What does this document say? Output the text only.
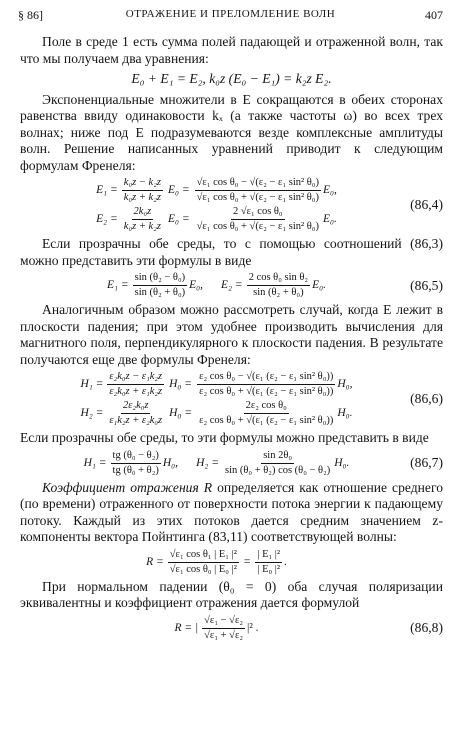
§ 86]	ОТРАЖЕНИЕ И ПРЕЛОМЛЕНИЕ ВОЛН	407

Поле в среде 1 есть сумма полей падающей и отраженной волн, так что мы получаем два уравнения:

E₀ + E₁ = E₂, k₀z (E₀ − E₁) = k₂z E₂.

Экспоненциальные множители в E сокращаются в обеих сторонах равенства ввиду одинаковости kₓ (а также частоты ω) во всех трех волнах; ниже под E подразумеваются везде комплексные амплитуды волн. Решение написанных уравнений приводит к следующим формулам Френеля:

$E_1 = \frac{\text{k₀z − k₂z}}{\text{k₀z + k₂z}} E_0 = \frac{\text{√ε₁ cos θ₀ − √(ε₂ − ε₁ sin² θ₀)}}{\text{√ε₁ cos θ₀ + √(ε₂ − ε₁ sin² θ₀)}} E_0$,
$E_2 = \frac{\text{2k₀z}}{\text{k₀z + k₂z}} E_0 = \frac{\text{2 √ε₁ cos θ₀}}{\text{√ε₁ cos θ₀ + √(ε₂ − ε₁ sin² θ₀)}} E_0$.
(86,4)

Если прозрачны обе среды, то с помощью соотношений (86,3) можно представить эти формулы в виде

$E_1 = \frac{\text{sin (θ₂ − θ₀)}}{\text{sin (θ₂ + θ₀)}} E_0$, $E_2 = \frac{\text{2 cos θ₀ sin θ₂}}{\text{sin (θ₂ + θ₀)}} E_0$.	(86,5)

Аналогичным образом можно рассмотреть случай, когда E лежит в плоскости падения; при этом удобнее производить вычисления для магнитного поля, перпендикулярного к плоскости падения. В результате получаются еще две формулы Френеля:

$H_1 = \frac{\text{ε₂k₀z − ε₁k₂z}}{\text{ε₂k₀z + ε₁k₂z}} H_0 = \frac{\text{ε₂ cos θ₀ − √(ε₁ (ε₂ − ε₁ sin² θ₀))}}{\text{ε₂ cos θ₀ + √(ε₁ (ε₂ − ε₁ sin² θ₀))}} H_0$,
$H_2 = \frac{\text{2ε₂k₀z}}{\text{ε₁k₂z + ε₂k₀z}} H_0 = \frac{\text{2ε₂ cos θ₀}}{\text{ε₂ cos θ₀ + √(ε₁ (ε₂ − ε₁ sin² θ₀))}} H_0$.
(86,6)

Если прозрачны обе среды, то эти формулы можно представить в виде

$H_1 = \frac{\text{tg (θ₀ − θ₂)}}{\text{tg (θ₀ + θ₂)}} H_0$, $H_2 = \frac{\text{sin 2θ₀}}{\text{sin (θ₀ + θ₂) cos (θ₀ − θ₂)}} H_0$.	(86,7)

Коэффициент отражения R определяется как отношение среднего (по времени) отраженного от поверхности потока энергии к падающему потоку. Каждый из этих потоков дается средним значением z-компоненты вектора Пойнтинга (83,11) соответствующей волны:

$R = \frac{\text{√ε₁ cos θ₁ | E₁ |²}}{\text{√ε₁ cos θ₀ | E₀ |²}} = \frac{\text{| E₁ |²}}{\text{| E₀ |²}}$ .

При нормальном падении (θ₀ = 0) оба случая поляризации эквивалентны и коэффициент отражения дается формулой

R = | $\frac{\text{√ε₁ − √ε₂}}{\text{√ε₁ + √ε₂}} |^2$ .	(86,8)
